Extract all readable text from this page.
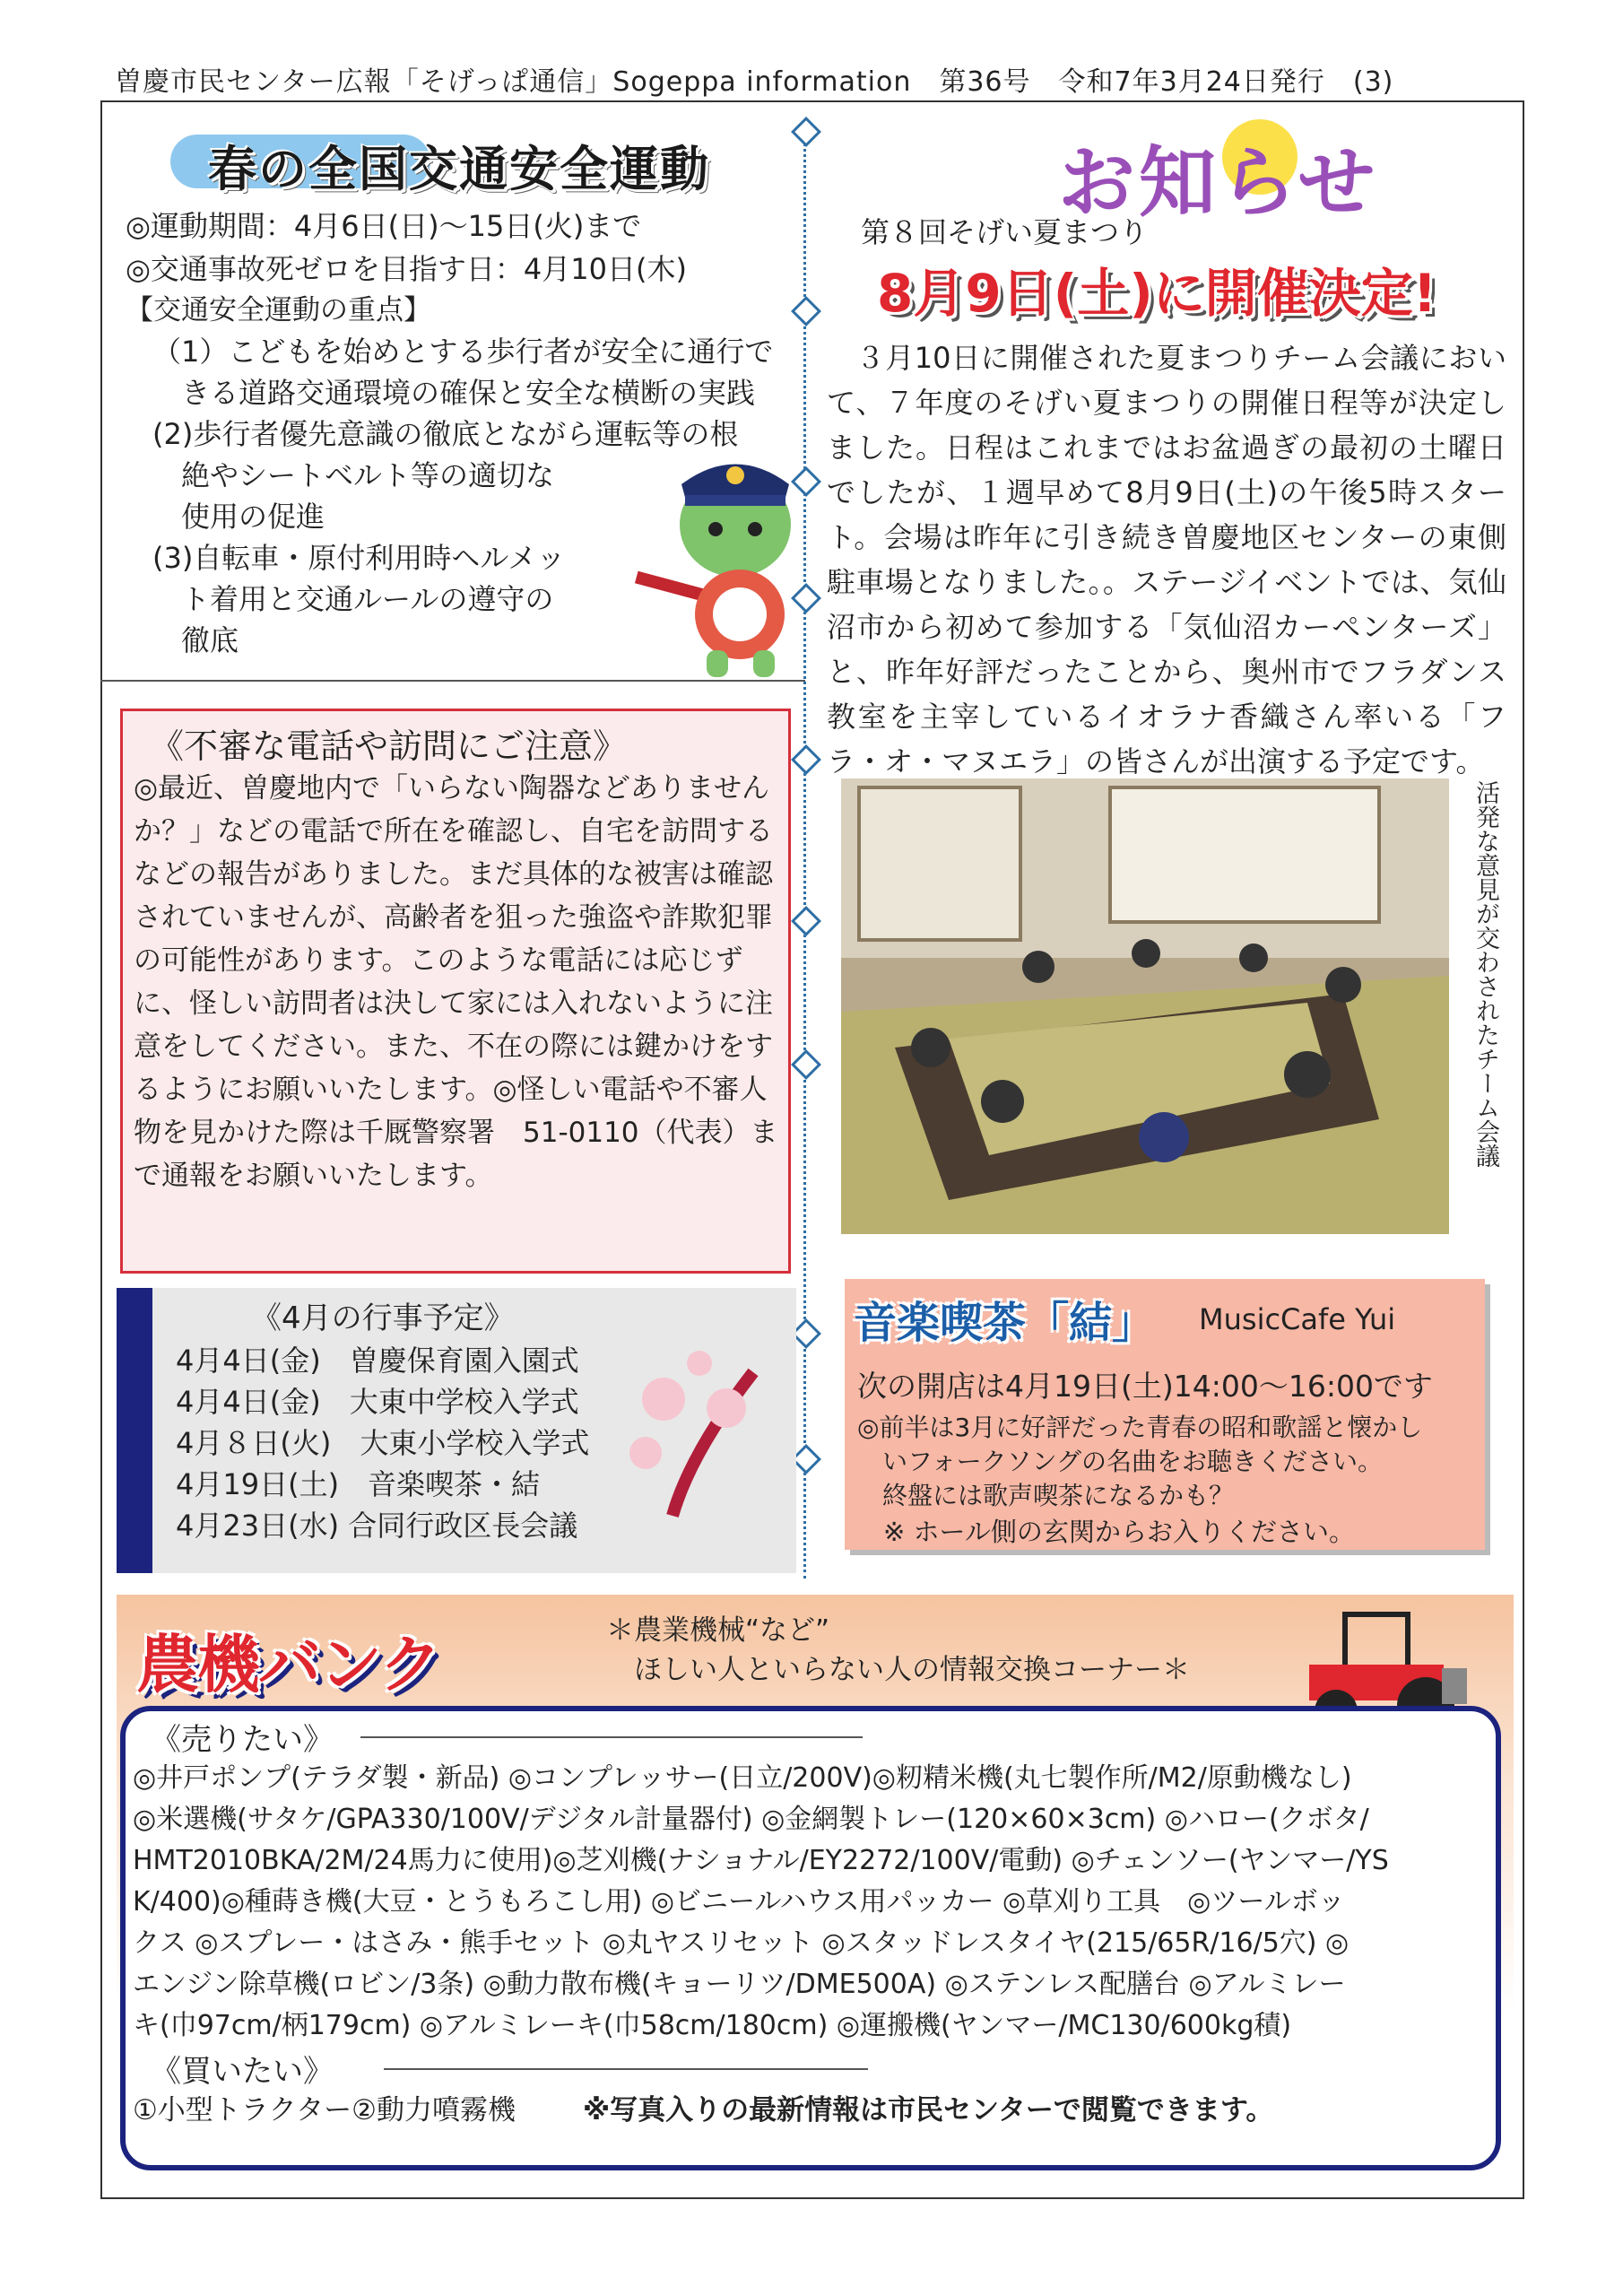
曽慶市民センター広報「そげっぱ通信」Sogeppa information　第36号　令和7年3月24日発行　(3)
春の全国交通安全運動
◎運動期間：4月6日(日)～15日(火)まで
◎交通事故死ゼロを目指す日：4月10日(木)
【交通安全運動の重点】
（1）こどもを始めとする歩行者が安全に通行で
　きる道路交通環境の確保と安全な横断の実践
(2)歩行者優先意識の徹底とながら運転等の根
　絶やシートベルト等の適切な
　使用の促進
(3)自転車・原付利用時ヘルメッ
　ト着用と交通ルールの遵守の
　徹底
《不審な電話や訪問にご注意》
◎最近、曽慶地内で「いらない陶器などありませんか？」などの電話で所在を確認し、自宅を訪問するなどの報告がありました。まだ具体的な被害は確認されていませんが、高齢者を狙った強盗や詐欺犯罪の可能性があります。このような電話には応じずに、怪しい訪問者は決して家には入れないように注意をしてください。また、不在の際には鍵かけをするようにお願いいたします。◎怪しい電話や不審人物を見かけた際は千厩警察署　51-0110（代表）まで通報をお願いいたします。
《4月の行事予定》
4月4日(金)　曽慶保育園入園式
4月4日(金)　大東中学校入学式
4月８日(火)　大東小学校入学式
4月19日(土)　音楽喫茶・結
4月23日(水) 合同行政区長会議
お知らせ
第８回そげい夏まつり
8月9日(土)に開催決定!
　３月10日に開催された夏まつりチーム会議において、７年度のそげい夏まつりの開催日程等が決定しました。日程はこれまではお盆過ぎの最初の土曜日でしたが、１週早めて8月9日(土)の午後5時スタート。会場は昨年に引き続き曽慶地区センターの東側駐車場となりました。。ステージイベントでは、気仙沼市から初めて参加する「気仙沼カーペンターズ」と、昨年好評だったことから、奥州市でフラダンス教室を主宰しているイオラナ香織さん率いる「フラ・オ・マヌエラ」の皆さんが出演する予定です。
活発な意見が交わされたチーム会議
音楽喫茶「結」 MusicCafe Yui
次の開店は4月19日(土)14:00～16:00です
◎前半は3月に好評だった青春の昭和歌謡と懐かし
　いフォークソングの名曲をお聴きください。
　終盤には歌声喫茶になるかも？
　※ ホール側の玄関からお入りください。
農機バンク	＊農業機械“など”
　ほしい人といらない人の情報交換コーナー＊
《売りたい》
◎井戸ポンプ(テラダ製・新品) ◎コンプレッサー(日立/200V)◎籾精米機(丸七製作所/M2/原動機なし)
◎米選機(サタケ/GPA330/100V/デジタル計量器付) ◎金網製トレー(120×60×3cm) ◎ハロー(クボタ/
HMT2010BKA/2M/24馬力に使用)◎芝刈機(ナショナル/EY2272/100V/電動) ◎チェンソー(ヤンマー/YS
K/400)◎種蒔き機(大豆・とうもろこし用) ◎ビニールハウス用パッカー ◎草刈り工具　◎ツールボッ
クス ◎スプレー・はさみ・熊手セット ◎丸ヤスリセット ◎スタッドレスタイヤ(215/65R/16/5穴) ◎
エンジン除草機(ロビン/3条) ◎動力散布機(キョーリツ/DME500A) ◎ステンレス配膳台 ◎アルミレー
キ(巾97cm/柄179cm) ◎アルミレーキ(巾58cm/180cm) ◎運搬機(ヤンマー/MC130/600kg積)
《買いたい》
①小型トラクター②動力噴霧機 ※写真入りの最新情報は市民センターで閲覧できます。
